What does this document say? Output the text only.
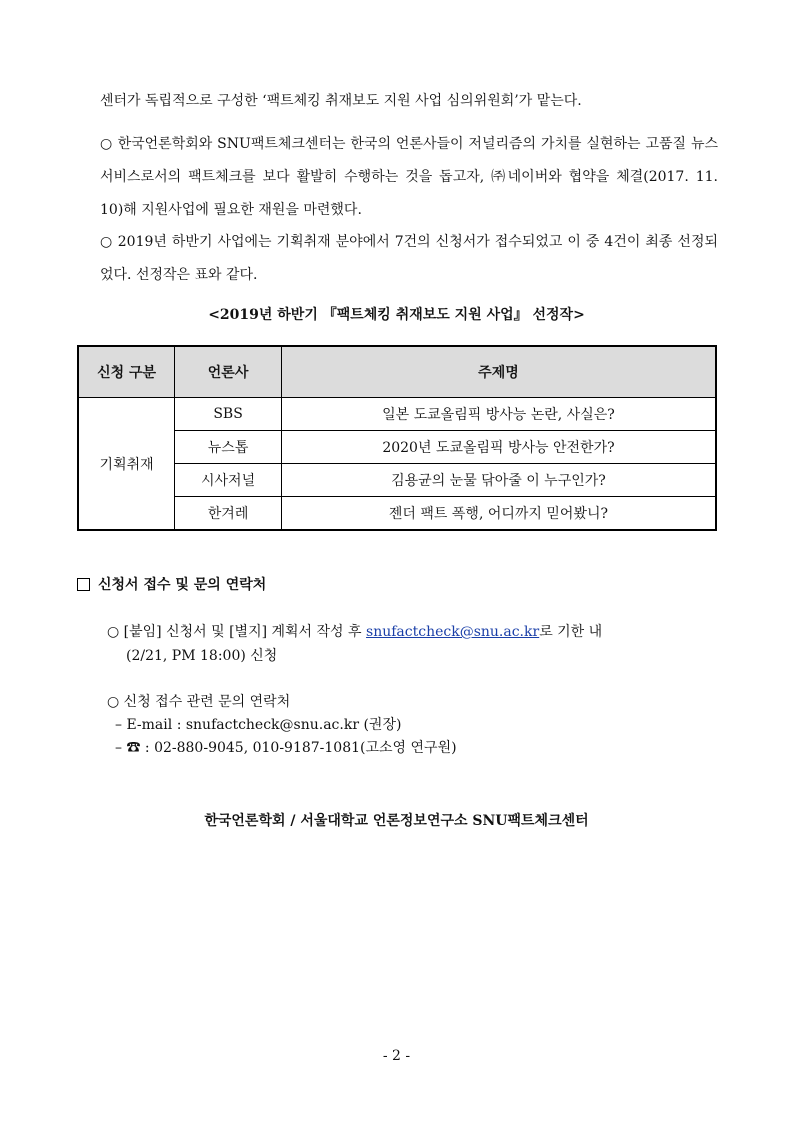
센터가 독립적으로 구성한 ‘팩트체킹 취재보도 지원 사업 심의위원회’가 맡는다.
○ 한국언론학회와 SNU팩트체크센터는 한국의 언론사들이 저널리즘의 가치를 실현하는 고품질 뉴스 서비스로서의 팩트체크를 보다 활발히 수행하는 것을 돕고자, ㈜네이버와 협약을 체결(2017. 11. 10)해 지원사업에 필요한 재원을 마련했다.
○ 2019년 하반기 사업에는 기획취재 분야에서 7건의 신청서가 접수되었고 이 중 4건이 최종 선정되었다. 선정작은 표와 같다.
<2019년 하반기 『팩트체킹 취재보도 지원 사업』 선정작>
신청 구분	언론사	주제명
기획취재	SBS	일본 도쿄올림픽 방사능 논란, 사실은?
	뉴스톱	2020년 도쿄올림픽 방사능 안전한가?
	시사저널	김용균의 눈물 닦아줄 이 누구인가?
	한겨레	젠더 팩트 폭행, 어디까지 믿어봤니?
신청서 접수 및 문의 연락처
○ [붙임] 신청서 및 [별지] 계획서 작성 후 snufactcheck@snu.ac.kr로 기한 내
(2/21, PM 18:00) 신청
○ 신청 접수 관련 문의 연락처
– E-mail : snufactcheck@snu.ac.kr (권장)
– ☎ : 02-880-9045, 010-9187-1081(고소영 연구원)
한국언론학회 / 서울대학교 언론정보연구소 SNU팩트체크센터
- 2 -
